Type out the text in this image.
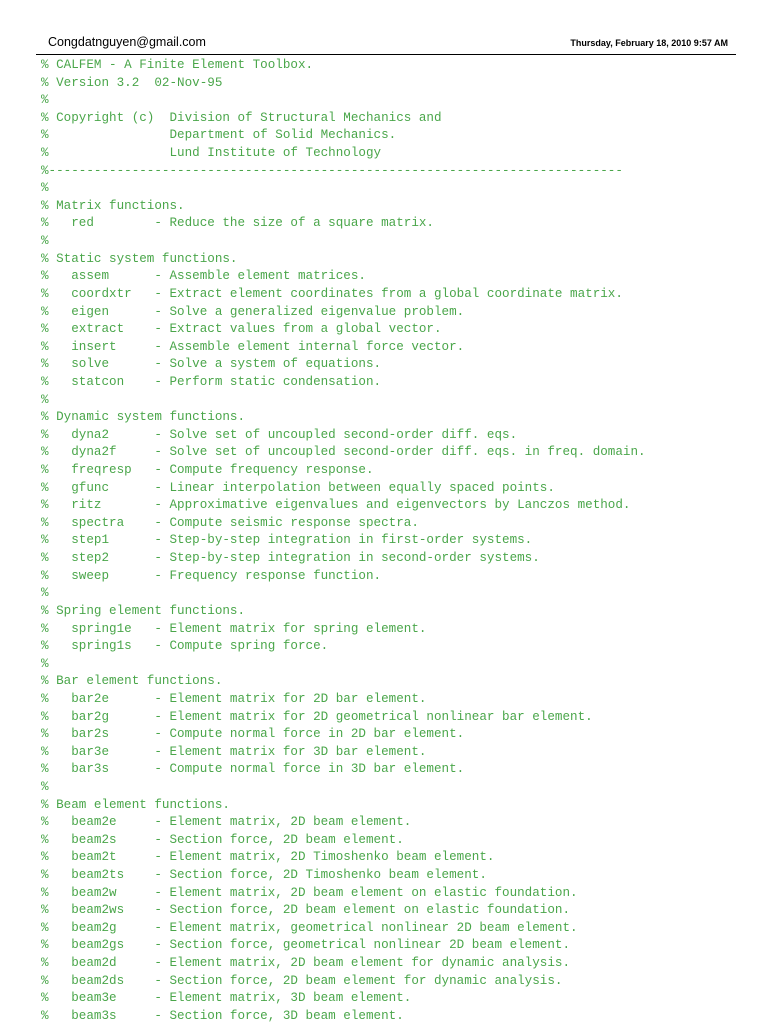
Congdatnguyen@gmail.com	Thursday, February 18, 2010 9:57 AM
% CALFEM - A Finite Element Toolbox.
% Version 3.2  02-Nov-95
%
% Copyright (c)  Division of Structural Mechanics and
%                Department of Solid Mechanics.
%                Lund Institute of Technology
%----------------------------------------------------------------------------
%
% Matrix functions.
%   red        - Reduce the size of a square matrix.
%
% Static system functions.
%   assem      - Assemble element matrices.
%   coordxtr   - Extract element coordinates from a global coordinate matrix.
%   eigen      - Solve a generalized eigenvalue problem.
%   extract    - Extract values from a global vector.
%   insert     - Assemble element internal force vector.
%   solve      - Solve a system of equations.
%   statcon    - Perform static condensation.
%
% Dynamic system functions.
%   dyna2      - Solve set of uncoupled second-order diff. eqs.
%   dyna2f     - Solve set of uncoupled second-order diff. eqs. in freq. domain.
%   freqresp   - Compute frequency response.
%   gfunc      - Linear interpolation between equally spaced points.
%   ritz       - Approximative eigenvalues and eigenvectors by Lanczos method.
%   spectra    - Compute seismic response spectra.
%   step1      - Step-by-step integration in first-order systems.
%   step2      - Step-by-step integration in second-order systems.
%   sweep      - Frequency response function.
%
% Spring element functions.
%   spring1e   - Element matrix for spring element.
%   spring1s   - Compute spring force.
%
% Bar element functions.
%   bar2e      - Element matrix for 2D bar element.
%   bar2g      - Element matrix for 2D geometrical nonlinear bar element.
%   bar2s      - Compute normal force in 2D bar element.
%   bar3e      - Element matrix for 3D bar element.
%   bar3s      - Compute normal force in 3D bar element.
%
% Beam element functions.
%   beam2e     - Element matrix, 2D beam element.
%   beam2s     - Section force, 2D beam element.
%   beam2t     - Element matrix, 2D Timoshenko beam element.
%   beam2ts    - Section force, 2D Timoshenko beam element.
%   beam2w     - Element matrix, 2D beam element on elastic foundation.
%   beam2ws    - Section force, 2D beam element on elastic foundation.
%   beam2g     - Element matrix, geometrical nonlinear 2D beam element.
%   beam2gs    - Section force, geometrical nonlinear 2D beam element.
%   beam2d     - Element matrix, 2D beam element for dynamic analysis.
%   beam2ds    - Section force, 2D beam element for dynamic analysis.
%   beam3e     - Element matrix, 3D beam element.
%   beam3s     - Section force, 3D beam element.
